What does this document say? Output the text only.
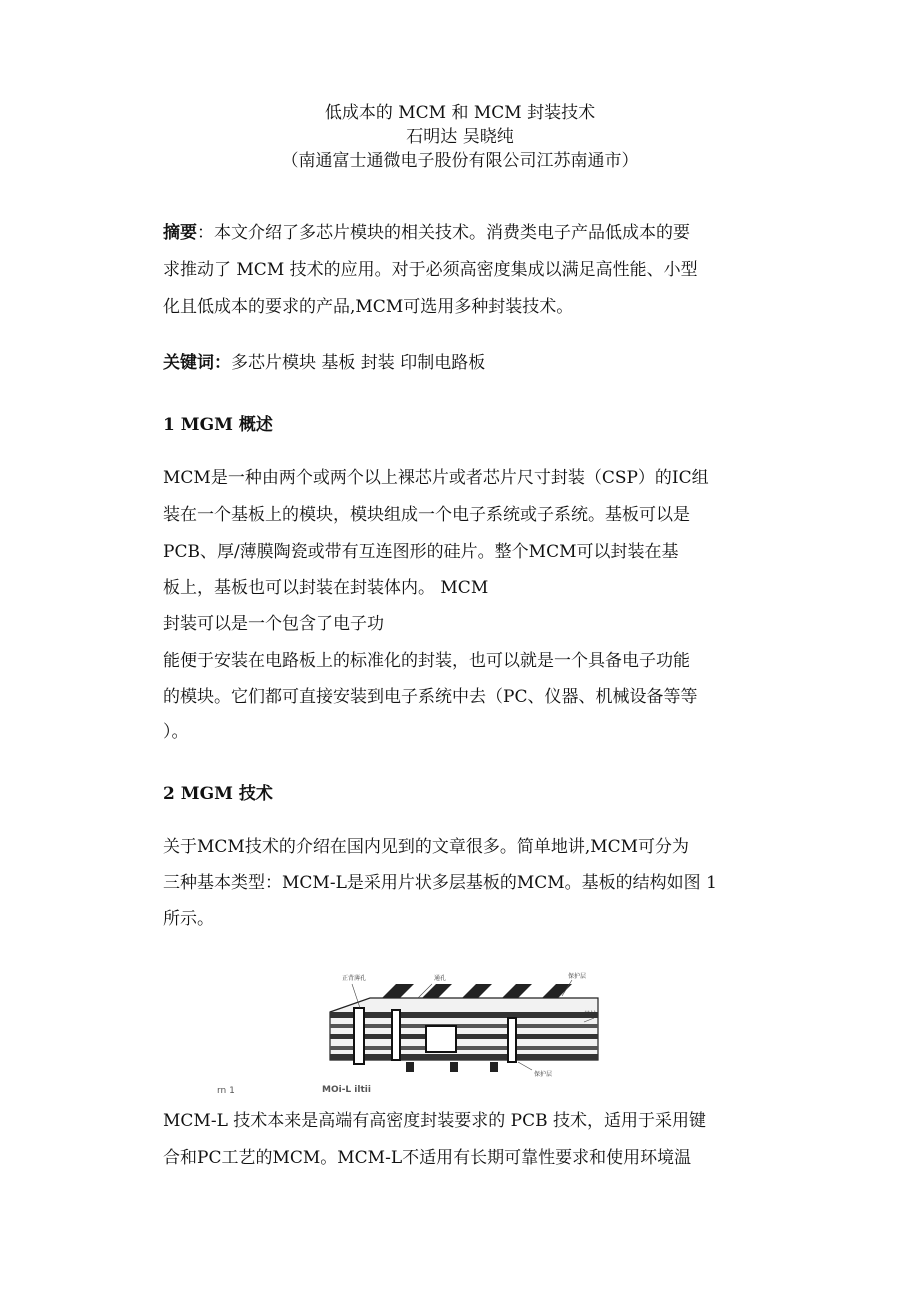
低成本的 MCM 和 MCM 封装技术
石明达 吴晓纯
（南通富士通微电子股份有限公司江苏南通市）
摘要：本文介绍了多芯片模块的相关技术。消费类电子产品低成本的要
求推动了 MCM 技术的应用。对于必须高密度集成以满足高性能、小型
化且低成本的要求的产品,MCM可选用多种封装技术。
关键词：多芯片模块 基板 封装 印制电路板
1 MGM 概述
MCM是一种由两个或两个以上裸芯片或者芯片尺寸封装（CSP）的IC组
装在一个基板上的模块，模块组成一个电子系统或子系统。基板可以是
PCB、厚/薄膜陶瓷或带有互连图形的硅片。整个MCM可以封装在基
板上，基板也可以封装在封装体内。 MCM
封装可以是一个包含了电子功
能便于安装在电路板上的标准化的封装，也可以就是一个具备电子功能
的模块。它们都可直接安装到电子系统中去（PC、仪器、机械设备等等
）。
2 MGM 技术
关于MCM技术的介绍在国内见到的文章很多。简单地讲,MCM可分为
三种基本类型：MCM-L是采用片状多层基板的MCM。基板的结构如图 1
所示。
正背薄孔	通孔	保护层
基材
保护层
rn 1	MOi-L iltii
MCM-L 技术本来是高端有高密度封装要求的 PCB 技术，适用于采用键
合和PC工艺的MCM。MCM-L不适用有长期可靠性要求和使用环境温
